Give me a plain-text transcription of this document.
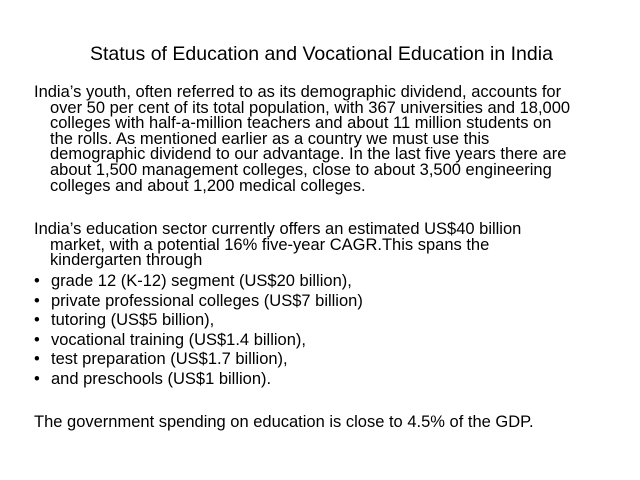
Status of Education and Vocational Education in India
India’s youth, often referred to as its demographic dividend, accounts for
over 50 per cent of its total population, with 367 universities and 18,000
colleges with half-a-million teachers and about 11 million students on
the rolls. As mentioned earlier as a country we must use this
demographic dividend to our advantage. In the last five years there are
about 1,500 management colleges, close to about 3,500 engineering
colleges and about 1,200 medical colleges.
India’s education sector currently offers an estimated US$40 billion
market, with a potential 16% five-year CAGR.This spans the
kindergarten through
• grade 12 (K-12) segment (US$20 billion),
• private professional colleges (US$7 billion)
• tutoring (US$5 billion),
• vocational training (US$1.4 billion),
• test preparation (US$1.7 billion),
• and preschools (US$1 billion).
The government spending on education is close to 4.5% of the GDP.
